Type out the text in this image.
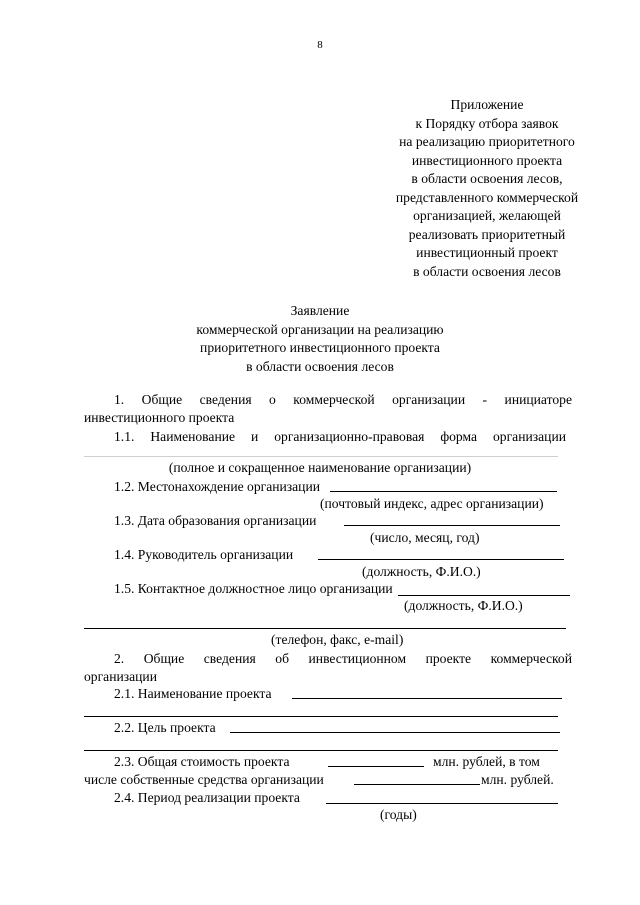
8
Приложение
к Порядку отбора заявок
на реализацию приоритетного
инвестиционного проекта
в области освоения лесов,
представленного коммерческой
организацией, желающей
реализовать приоритетный
инвестиционный проект
в области освоения лесов
Заявление
коммерческой организации на реализацию
приоритетного инвестиционного проекта
в области освоения лесов
1. Общие сведения о коммерческой организации - инициаторе
инвестиционного проекта
1.1. Наименование и организационно-правовая форма организации
(полное и сокращенное наименование организации)
1.2. Местонахождение организации
(почтовый индекс, адрес организации)
1.3. Дата образования организации
(число, месяц, год)
1.4. Руководитель организации
(должность, Ф.И.О.)
1.5. Контактное должностное лицо организации
(должность, Ф.И.О.)
(телефон, факс, e-mail)
2. Общие сведения об инвестиционном проекте коммерческой
организации
2.1. Наименование проекта
2.2. Цель проекта
2.3. Общая стоимость проекта	млн. рублей, в том
числе собственные средства организации	млн. рублей.
2.4. Период реализации проекта
(годы)
